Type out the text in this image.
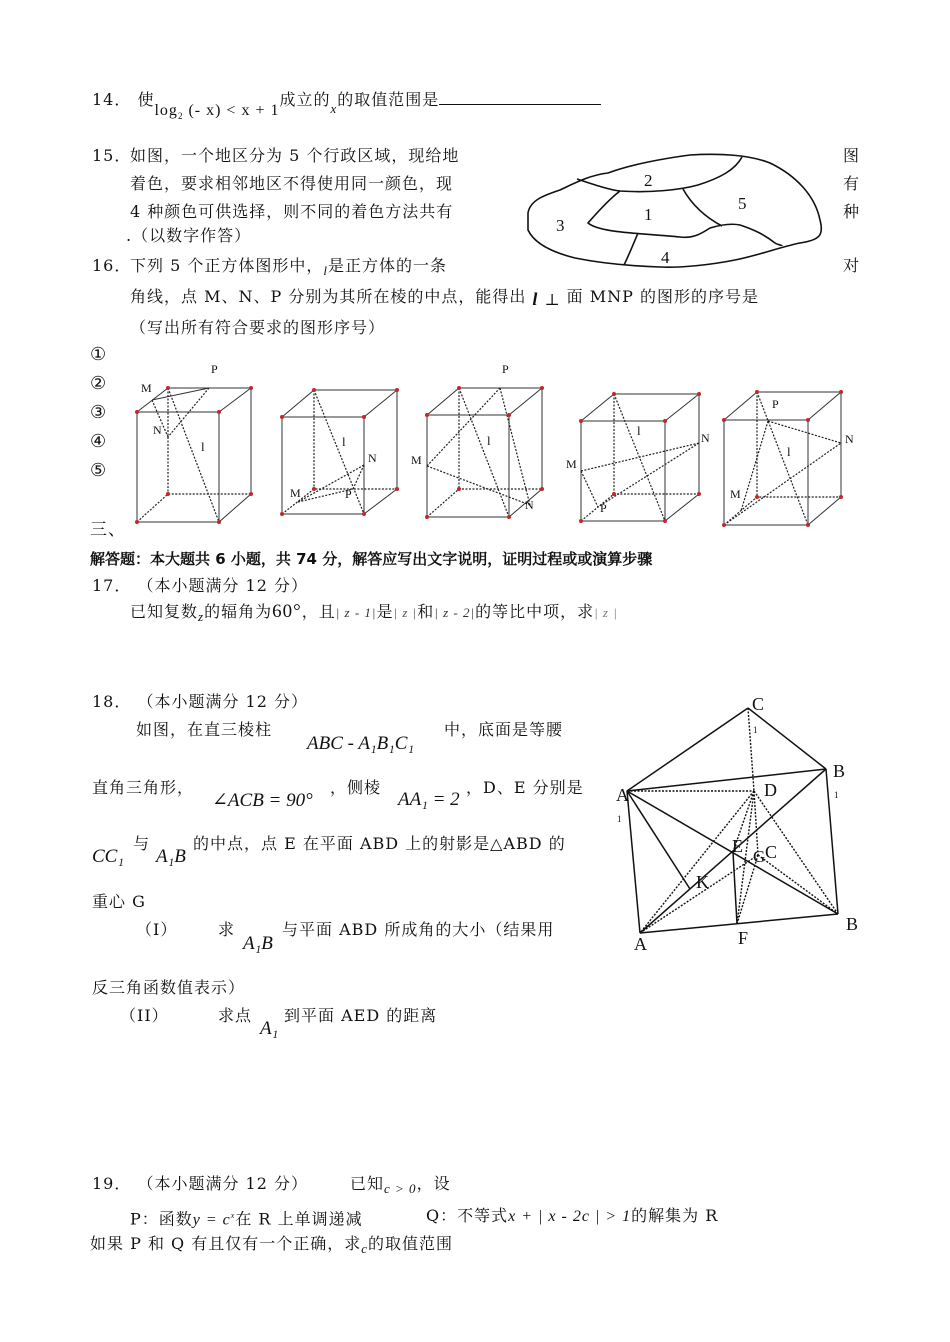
14． 使$\log_2$ (- x) < x + 1成立的$_x$的取值范围是
15．
如图，一个地区分为 5 个行政区域，现给地
着色，要求相邻地区不得使用同一颜色，现
4 种颜色可供选择，则不同的着色方法共有
.（以数字作答）
图
有
种
2
1
5
3
4
16．
下列 5 个正方体图形中，$_l$是正方体的一条	对
角线，点 M、N、P 分别为其所在棱的中点，能得出 l ⊥ 面 MNP 的图形的序号是
（写出所有符合要求的图形序号）
①
②
③
④
⑤
M
P
N
l
M
N
P
l
M
P
N
l
M
N
P
l
P
N
M
l
三、
解答题：本大题共 6 小题，共 74 分，解答应写出文字说明，证明过程或或演算步骤
17． （本小题满分 12 分）
已知复数$_z$的辐角为60°，且| z - 1|是| z |和| z - 2|的等比中项，求| z |
18． （本小题满分 12 分）
如图，在直三棱柱
ABC - A₁B₁C₁
中，底面是等腰
直角三角形，
∠ACB = 90°
，侧棱
AA₁ = 2
，D、E 分别是
CC₁
与
A₁B
的中点，点 E 在平面 ABD 上的射影是△ABD 的
重心 G
（I）	求
A₁B
与平面 ABD 所成角的大小（结果用
反三角函数值表示）
（II）	求点
A₁
到平面 AED 的距离
C
1
B
1
A
1
D
E
G C
K
A	F
B
19． （本小题满分 12 分）	已知$_{c > 0}$，设
P：函数$y = c^x$在 R 上单调递减	Q：不等式x + | x - 2c | > 1的解集为 R
如果 P 和 Q 有且仅有一个正确，求$_c$的取值范围
